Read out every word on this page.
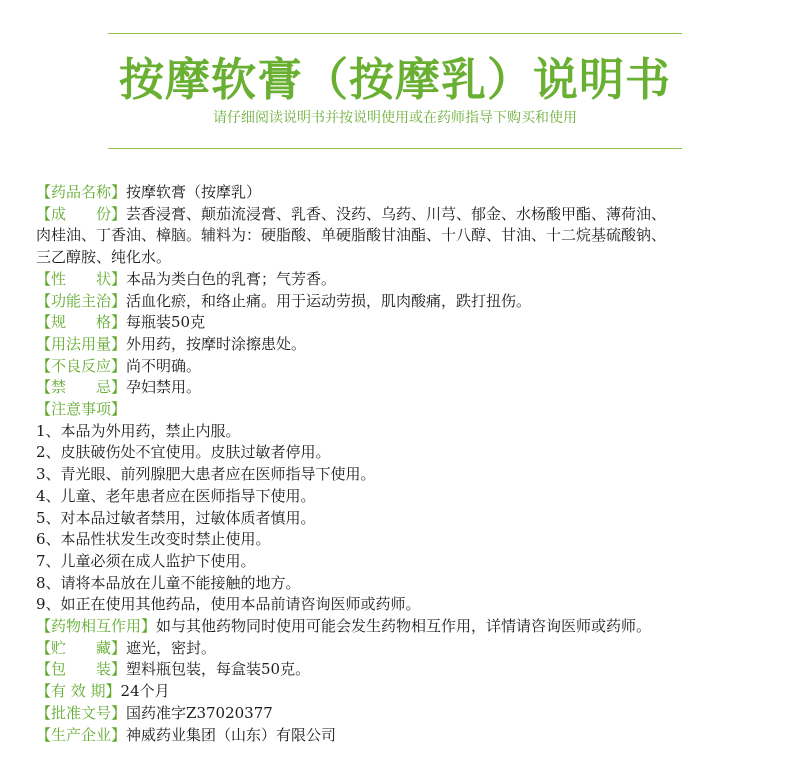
按摩软膏（按摩乳）说明书
请仔细阅读说明书并按说明使用或在药师指导下购买和使用
【药品名称】按摩软膏（按摩乳）
【成　　份】芸香浸膏、颠茄流浸膏、乳香、没药、乌药、川芎、郁金、水杨酸甲酯、薄荷油、
肉桂油、丁香油、樟脑。辅料为：硬脂酸、单硬脂酸甘油酯、十八醇、甘油、十二烷基硫酸钠、
三乙醇胺、纯化水。
【性　　状】本品为类白色的乳膏；气芳香。
【功能主治】活血化瘀，和络止痛。用于运动劳损，肌肉酸痛，跌打扭伤。
【规　　格】每瓶装50克
【用法用量】外用药，按摩时涂擦患处。
【不良反应】尚不明确。
【禁　　忌】孕妇禁用。
【注意事项】
1、本品为外用药，禁止内服。
2、皮肤破伤处不宜使用。皮肤过敏者停用。
3、青光眼、前列腺肥大患者应在医师指导下使用。
4、儿童、老年患者应在医师指导下使用。
5、对本品过敏者禁用，过敏体质者慎用。
6、本品性状发生改变时禁止使用。
7、儿童必须在成人监护下使用。
8、请将本品放在儿童不能接触的地方。
9、如正在使用其他药品，使用本品前请咨询医师或药师。
【药物相互作用】如与其他药物同时使用可能会发生药物相互作用，详情请咨询医师或药师。
【贮　　藏】遮光，密封。
【包　　装】塑料瓶包装，每盒装50克。
【有 效 期】24个月
【批准文号】国药准字Z37020377
【生产企业】神威药业集团（山东）有限公司
